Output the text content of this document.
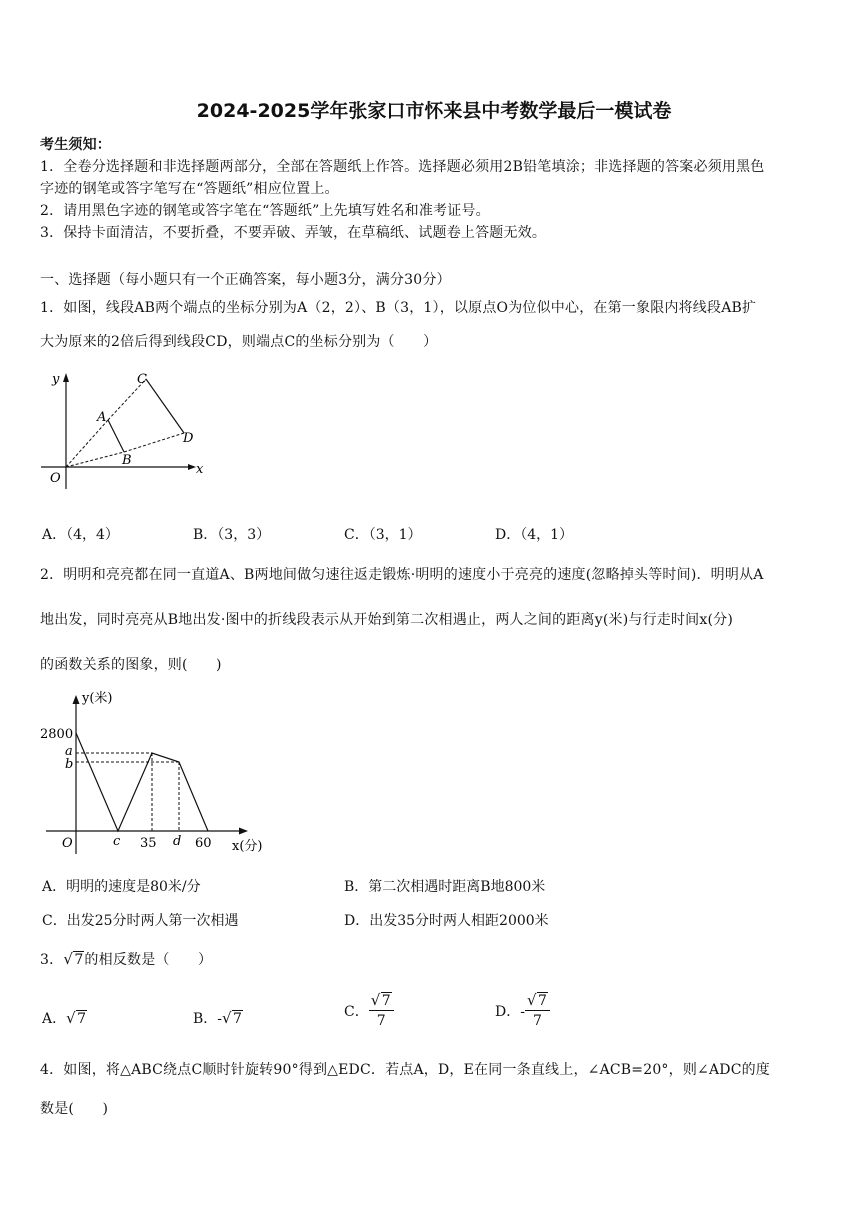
2024-2025学年张家口市怀来县中考数学最后一模试卷
考生须知：
1．全卷分选择题和非选择题两部分，全部在答题纸上作答。选择题必须用2B铅笔填涂；非选择题的答案必须用黑色
字迹的钢笔或答字笔写在“答题纸”相应位置上。
2．请用黑色字迹的钢笔或答字笔在“答题纸”上先填写姓名和准考证号。
3．保持卡面清洁，不要折叠，不要弄破、弄皱，在草稿纸、试题卷上答题无效。
一、选择题（每小题只有一个正确答案，每小题3分，满分30分）
1．如图，线段AB两个端点的坐标分别为A（2，2）、B（3，1），以原点O为位似中心，在第一象限内将线段AB扩
大为原来的2倍后得到线段CD，则端点C的坐标分别为（　　）
y
x
O
A
B
C
D
A．（4，4）	B．（3，3）	C．（3，1）	D．（4，1）
2．明明和亮亮都在同一直道A、B两地间做匀速往返走锻炼·明明的速度小于亮亮的速度(忽略掉头等时间)．明明从A
地出发，同时亮亮从B地出发·图中的折线段表示从开始到第二次相遇止，两人之间的距离y(米)与行走时间x(分)
的函数关系的图象，则(　　)
y(米)
x(分)
2800
a
b
O	c 35 d 60
A．明明的速度是80米/分	B．第二次相遇时距离B地800米
C．出发25分时两人第一次相遇	D．出发35分时两人相距2000米
3． √ 7的相反数是（　　）
A． √ 7	B．- √ 7	C． √ $\frac{7}{7}$	D．- √ $\frac{7}{7}$
4．如图，将△ABC绕点C顺时针旋转90°得到△EDC．若点A，D，E在同一条直线上，∠ACB=20°，则∠ADC的度
数是(　　)
